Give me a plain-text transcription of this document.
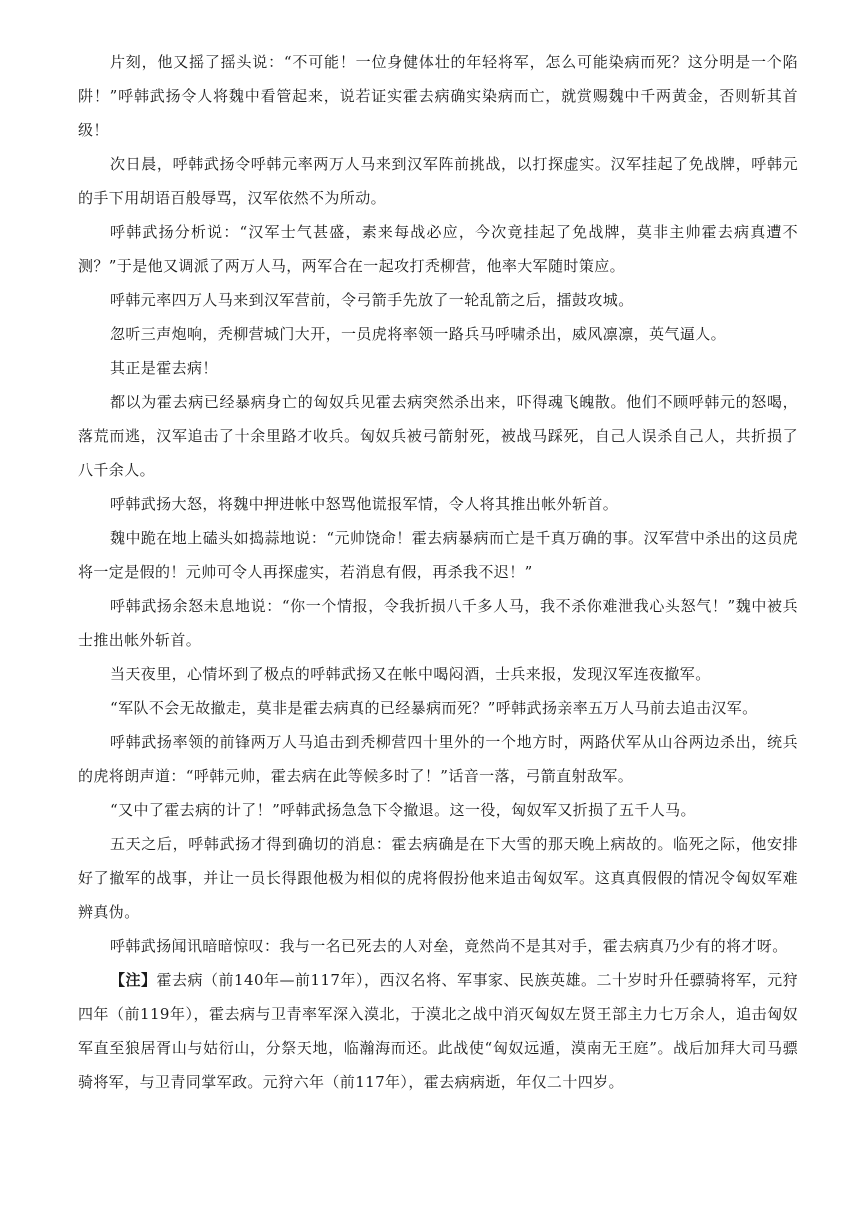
片刻，他又摇了摇头说：“不可能！一位身健体壮的年轻将军，怎么可能染病而死？这分明是一个陷阱！”呼韩武扬令人将魏中看管起来，说若证实霍去病确实染病而亡，就赏赐魏中千两黄金，否则斩其首级！

次日晨，呼韩武扬令呼韩元率两万人马来到汉军阵前挑战，以打探虚实。汉军挂起了免战牌，呼韩元的手下用胡语百般辱骂，汉军依然不为所动。

呼韩武扬分析说：“汉军士气甚盛，素来每战必应，今次竟挂起了免战牌，莫非主帅霍去病真遭不测？”于是他又调派了两万人马，两军合在一起攻打秃柳营，他率大军随时策应。

呼韩元率四万人马来到汉军营前，令弓箭手先放了一轮乱箭之后，擂鼓攻城。

忽听三声炮响，秃柳营城门大开，一员虎将率领一路兵马呼啸杀出，威风凛凛，英气逼人。

其正是霍去病！

都以为霍去病已经暴病身亡的匈奴兵见霍去病突然杀出来，吓得魂飞魄散。他们不顾呼韩元的怒喝，落荒而逃，汉军追击了十余里路才收兵。匈奴兵被弓箭射死，被战马踩死，自己人误杀自己人，共折损了八千余人。

呼韩武扬大怒，将魏中押进帐中怒骂他谎报军情，令人将其推出帐外斩首。

魏中跪在地上磕头如捣蒜地说：“元帅饶命！霍去病暴病而亡是千真万确的事。汉军营中杀出的这员虎将一定是假的！元帅可令人再探虚实，若消息有假，再杀我不迟！”

呼韩武扬余怒未息地说：“你一个情报，令我折损八千多人马，我不杀你难泄我心头怒气！”魏中被兵士推出帐外斩首。

当天夜里，心情坏到了极点的呼韩武扬又在帐中喝闷酒，士兵来报，发现汉军连夜撤军。

“军队不会无故撤走，莫非是霍去病真的已经暴病而死？”呼韩武扬亲率五万人马前去追击汉军。

呼韩武扬率领的前锋两万人马追击到秃柳营四十里外的一个地方时，两路伏军从山谷两边杀出，统兵的虎将朗声道：“呼韩元帅，霍去病在此等候多时了！”话音一落，弓箭直射敌军。

“又中了霍去病的计了！”呼韩武扬急急下令撤退。这一役，匈奴军又折损了五千人马。

五天之后，呼韩武扬才得到确切的消息：霍去病确是在下大雪的那天晚上病故的。临死之际，他安排好了撤军的战事，并让一员长得跟他极为相似的虎将假扮他来追击匈奴军。这真真假假的情况令匈奴军难辨真伪。

呼韩武扬闻讯暗暗惊叹：我与一名已死去的人对垒，竟然尚不是其对手，霍去病真乃少有的将才呀。

【注】霍去病（前140年—前117年），西汉名将、军事家、民族英雄。二十岁时升任骠骑将军，元狩四年（前119年），霍去病与卫青率军深入漠北，于漠北之战中消灭匈奴左贤王部主力七万余人，追击匈奴军直至狼居胥山与姑衍山，分祭天地，临瀚海而还。此战使“匈奴远遁，漠南无王庭”。战后加拜大司马骠骑将军，与卫青同掌军政。元狩六年（前117年），霍去病病逝，年仅二十四岁。
